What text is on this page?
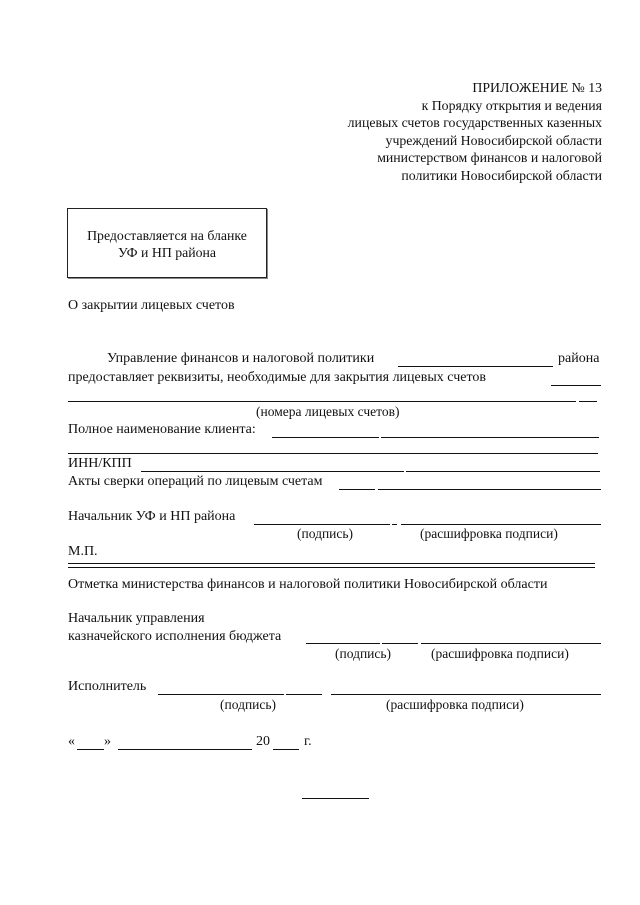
ПРИЛОЖЕНИЕ № 13
к Порядку открытия и ведения
лицевых счетов государственных казенных
учреждений Новосибирской области
министерством финансов и налоговой
политики Новосибирской области
Предоставляется на бланке
УФ и НП района
О закрытии лицевых счетов
Управление финансов и налоговой политики	района
предоставляет реквизиты, необходимые для закрытия лицевых счетов
(номера лицевых счетов)
Полное наименование клиента:
ИНН/КПП
Акты сверки операций по лицевым счетам
Начальник УФ и НП района
(подпись)	(расшифровка подписи)
М.П.
Отметка министерства финансов и налоговой политики Новосибирской области
Начальник управления
казначейского исполнения бюджета
(подпись)	(расшифровка подписи)
Исполнитель
(подпись)	(расшифровка подписи)
« »	20 г.
